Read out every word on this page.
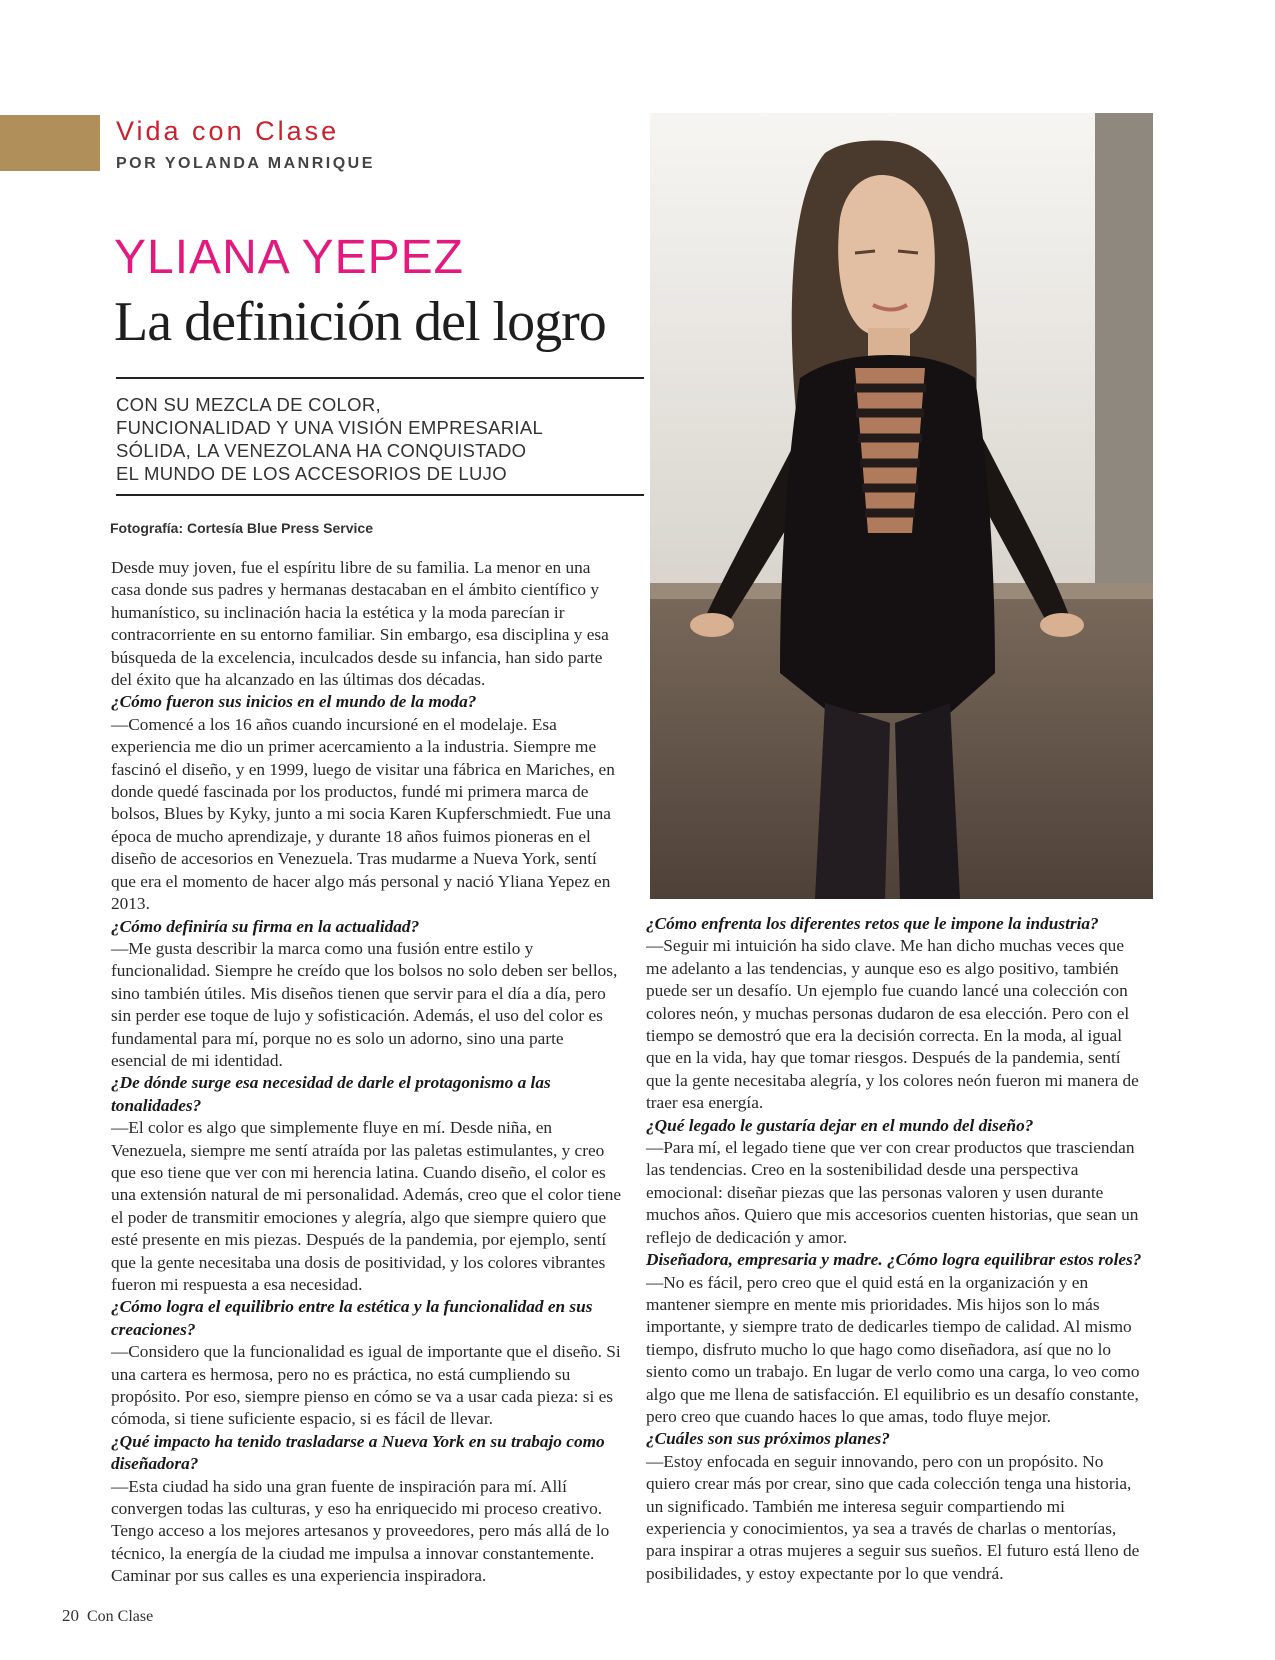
Vida con Clase

POR YOLANDA MANRIQUE

YLIANA YEPEZ
La definición del logro
CON SU MEZCLA DE COLOR,
FUNCIONALIDAD Y UNA VISIÓN EMPRESARIAL
SÓLIDA, LA VENEZOLANA HA CONQUISTADO
EL MUNDO DE LOS ACCESORIOS DE LUJO

Fotografía: Cortesía Blue Press Service

Desde muy joven, fue el espíritu libre de su familia. La menor en una casa donde sus padres y hermanas destacaban en el ámbito científico y humanístico, su inclinación hacia la estética y la moda parecían ir contracorriente en su entorno familiar. Sin embargo, esa disciplina y esa búsqueda de la excelencia, inculcados desde su infancia, han sido parte del éxito que ha alcanzado en las últimas dos décadas.

¿Cómo fueron sus inicios en el mundo de la moda?

—Comencé a los 16 años cuando incursioné en el modelaje. Esa experiencia me dio un primer acercamiento a la industria. Siempre me fascinó el diseño, y en 1999, luego de visitar una fábrica en Mariches, en donde quedé fascinada por los productos, fundé mi primera marca de bolsos, Blues by Kyky, junto a mi socia Karen Kupferschmiedt. Fue una época de mucho aprendizaje, y durante 18 años fuimos pioneras en el diseño de accesorios en Venezuela. Tras mudarme a Nueva York, sentí que era el momento de hacer algo más personal y nació Yliana Yepez en 2013.

¿Cómo definiría su firma en la actualidad?

—Me gusta describir la marca como una fusión entre estilo y funcionalidad. Siempre he creído que los bolsos no solo deben ser bellos, sino también útiles. Mis diseños tienen que servir para el día a día, pero sin perder ese toque de lujo y sofisticación. Además, el uso del color es fundamental para mí, porque no es solo un adorno, sino una parte esencial de mi identidad.

¿De dónde surge esa necesidad de darle el protagonismo a las tonalidades?

—El color es algo que simplemente fluye en mí. Desde niña, en Venezuela, siempre me sentí atraída por las paletas estimulantes, y creo que eso tiene que ver con mi herencia latina. Cuando diseño, el color es una extensión natural de mi personalidad. Además, creo que el color tiene el poder de transmitir emociones y alegría, algo que siempre quiero que esté presente en mis piezas. Después de la pandemia, por ejemplo, sentí que la gente necesitaba una dosis de positividad, y los colores vibrantes fueron mi respuesta a esa necesidad.

¿Cómo logra el equilibrio entre la estética y la funcionalidad en sus creaciones?

—Considero que la funcionalidad es igual de importante que el diseño. Si una cartera es hermosa, pero no es práctica, no está cumpliendo su propósito. Por eso, siempre pienso en cómo se va a usar cada pieza: si es cómoda, si tiene suficiente espacio, si es fácil de llevar.

¿Qué impacto ha tenido trasladarse a Nueva York en su trabajo como diseñadora?

—Esta ciudad ha sido una gran fuente de inspiración para mí. Allí convergen todas las culturas, y eso ha enriquecido mi proceso creativo. Tengo acceso a los mejores artesanos y proveedores, pero más allá de lo técnico, la energía de la ciudad me impulsa a innovar constantemente. Caminar por sus calles es una experiencia inspiradora.

¿Cómo enfrenta los diferentes retos que le impone la industria?

—Seguir mi intuición ha sido clave. Me han dicho muchas veces que me adelanto a las tendencias, y aunque eso es algo positivo, también puede ser un desafío. Un ejemplo fue cuando lancé una colección con colores neón, y muchas personas dudaron de esa elección. Pero con el tiempo se demostró que era la decisión correcta. En la moda, al igual que en la vida, hay que tomar riesgos. Después de la pandemia, sentí que la gente necesitaba alegría, y los colores neón fueron mi manera de traer esa energía.

¿Qué legado le gustaría dejar en el mundo del diseño?

—Para mí, el legado tiene que ver con crear productos que trasciendan las tendencias. Creo en la sostenibilidad desde una perspectiva emocional: diseñar piezas que las personas valoren y usen durante muchos años. Quiero que mis accesorios cuenten historias, que sean un reflejo de dedicación y amor.

Diseñadora, empresaria y madre. ¿Cómo logra equilibrar estos roles?

—No es fácil, pero creo que el quid está en la organización y en mantener siempre en mente mis prioridades. Mis hijos son lo más importante, y siempre trato de dedicarles tiempo de calidad. Al mismo tiempo, disfruto mucho lo que hago como diseñadora, así que no lo siento como un trabajo. En lugar de verlo como una carga, lo veo como algo que me llena de satisfacción. El equilibrio es un desafío constante, pero creo que cuando haces lo que amas, todo fluye mejor.

¿Cuáles son sus próximos planes?

—Estoy enfocada en seguir innovando, pero con un propósito. No quiero crear más por crear, sino que cada colección tenga una historia, un significado. También me interesa seguir compartiendo mi experiencia y conocimientos, ya sea a través de charlas o mentorías, para inspirar a otras mujeres a seguir sus sueños. El futuro está lleno de posibilidades, y estoy expectante por lo que vendrá.

20 Con Clase
